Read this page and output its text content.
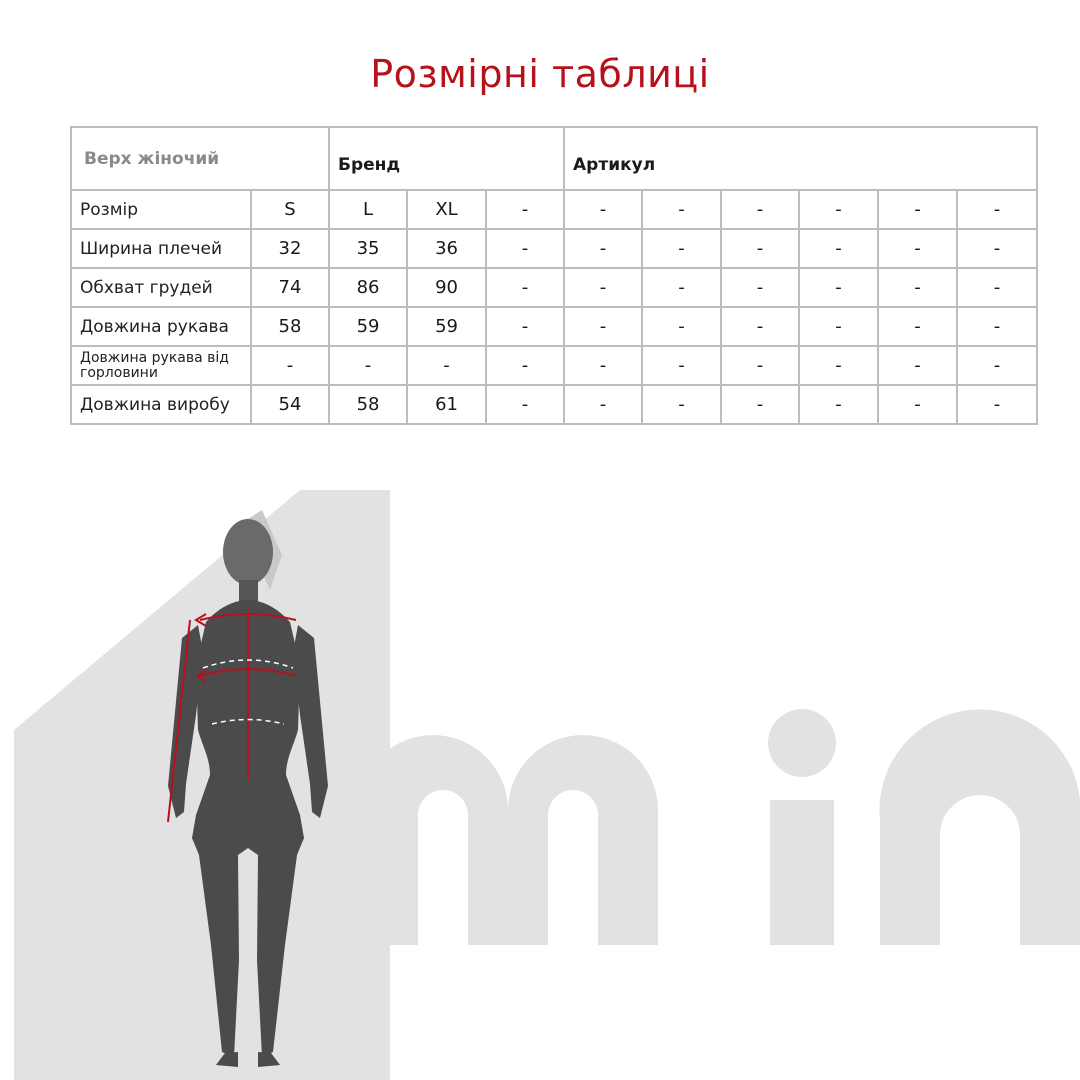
Розмірні таблиці
Верх жіночий		Бренд			Артикул					
Розмір	S	L	XL	-	-	-	-	-	-	-
Ширина плечей	32	35	36	-	-	-	-	-	-	-
Обхват грудей	74	86	90	-	-	-	-	-	-	-
Довжина рукава	58	59	59	-	-	-	-	-	-	-
Довжина рукава від горловини	-	-	-	-	-	-	-	-	-	-
Довжина виробу	54	58	61	-	-	-	-	-	-	-
